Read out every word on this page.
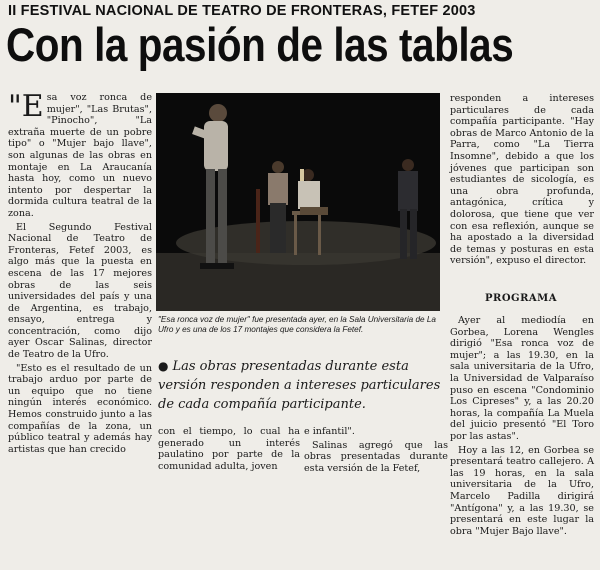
II FESTIVAL NACIONAL DE TEATRO DE FRONTERAS, FETEF 2003
Con la pasión de las tablas

"Esa voz ronca de mujer", "Las Brutas", "Pinocho", "La extraña muerte de un pobre tipo" o "Mujer bajo llave", son algunas de las obras en montaje en La Araucanía hasta hoy, como un nuevo intento por despertar la dormida cultura teatral de la zona.

El Segundo Festival Nacional de Teatro de Fronteras, Fetef 2003, es algo más que la puesta en escena de las 17 mejores obras de las seis universidades del país y una de Argentina, es trabajo, ensayo, entrega y concentración, como dijo ayer Oscar Salinas, director de Teatro de la Ufro.

"Esto es el resultado de un trabajo arduo por parte de un equipo que no tiene ningún interés económico. Hemos construido junto a las compañías de la zona, un público teatral y además hay artistas que han crecido

"Esa ronca voz de mujer" fue presentada ayer, en la Sala Universitaria de La Ufro y es una de los 17 montajes que considera la Fetef.
● Las obras presentadas durante esta versión responden a intereses particulares de cada compañía participante.

con el tiempo, lo cual ha generado un interés paulatino por parte de la comunidad adulta, joven

e infantil".

Salinas agregó que las obras presentadas durante esta versión de la Fetef,

responden a intereses particulares de cada compañía participante. "Hay obras de Marco Antonio de la Parra, como "La Tierra Insomne", debido a que los jóvenes que participan son estudiantes de sicología, es una obra profunda, antagónica, crítica y dolorosa, que tiene que ver con esa reflexión, aunque se ha apostado a la diversidad de temas y posturas en esta versión", expuso el director.

PROGRAMA

Ayer al mediodía en Gorbea, Lorena Wengles dirigió "Esa ronca voz de mujer"; a las 19.30, en la sala universitaria de la Ufro, la Universidad de Valparaíso puso en escena "Condominio Los Cipreses" y, a las 20.20 horas, la compañía La Muela del juicio presentó "El Toro por las astas".

Hoy a las 12, en Gorbea se presentará teatro callejero. A las 19 horas, en la sala universitaria de la Ufro, Marcelo Padilla dirigirá "Antígona" y, a las 19.30, se presentará en este lugar la obra "Mujer Bajo llave".
